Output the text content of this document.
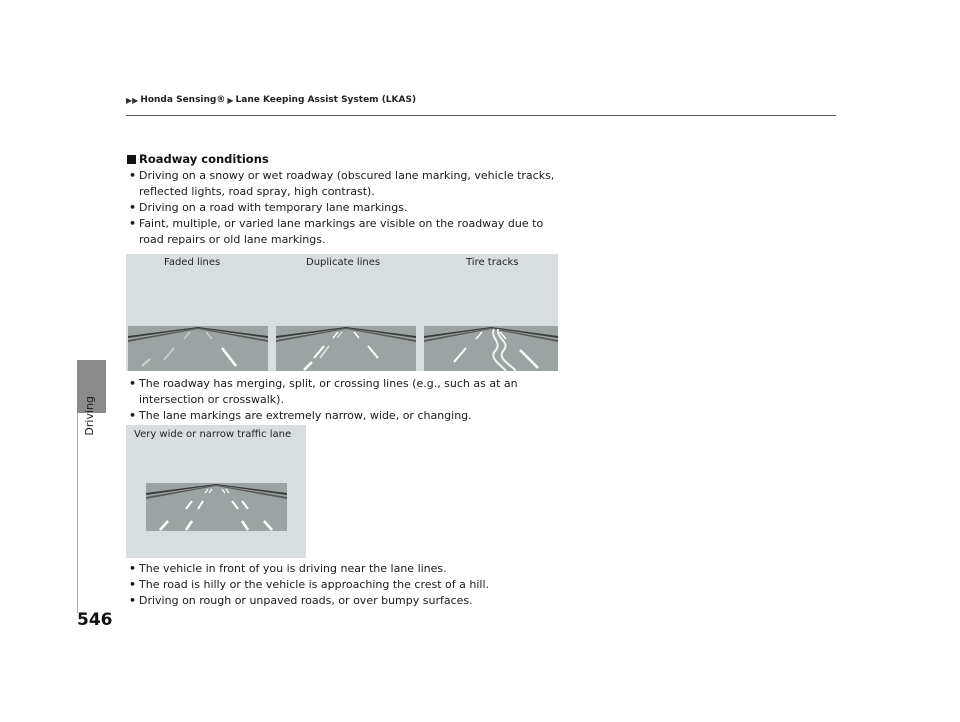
▶▶ Honda Sensing® ▶ Lane Keeping Assist System (LKAS)
Driving
546
Roadway conditions
• Driving on a snowy or wet roadway (obscured lane marking, vehicle tracks, reflected lights, road spray, high contrast).
• Driving on a road with temporary lane markings.
• Faint, multiple, or varied lane markings are visible on the roadway due to road repairs or old lane markings.
Faded lines	Duplicate lines	Tire tracks
• The roadway has merging, split, or crossing lines (e.g., such as at an intersection or crosswalk).
• The lane markings are extremely narrow, wide, or changing.
Very wide or narrow traffic lane
• The vehicle in front of you is driving near the lane lines.
• The road is hilly or the vehicle is approaching the crest of a hill.
• Driving on rough or unpaved roads, or over bumpy surfaces.
